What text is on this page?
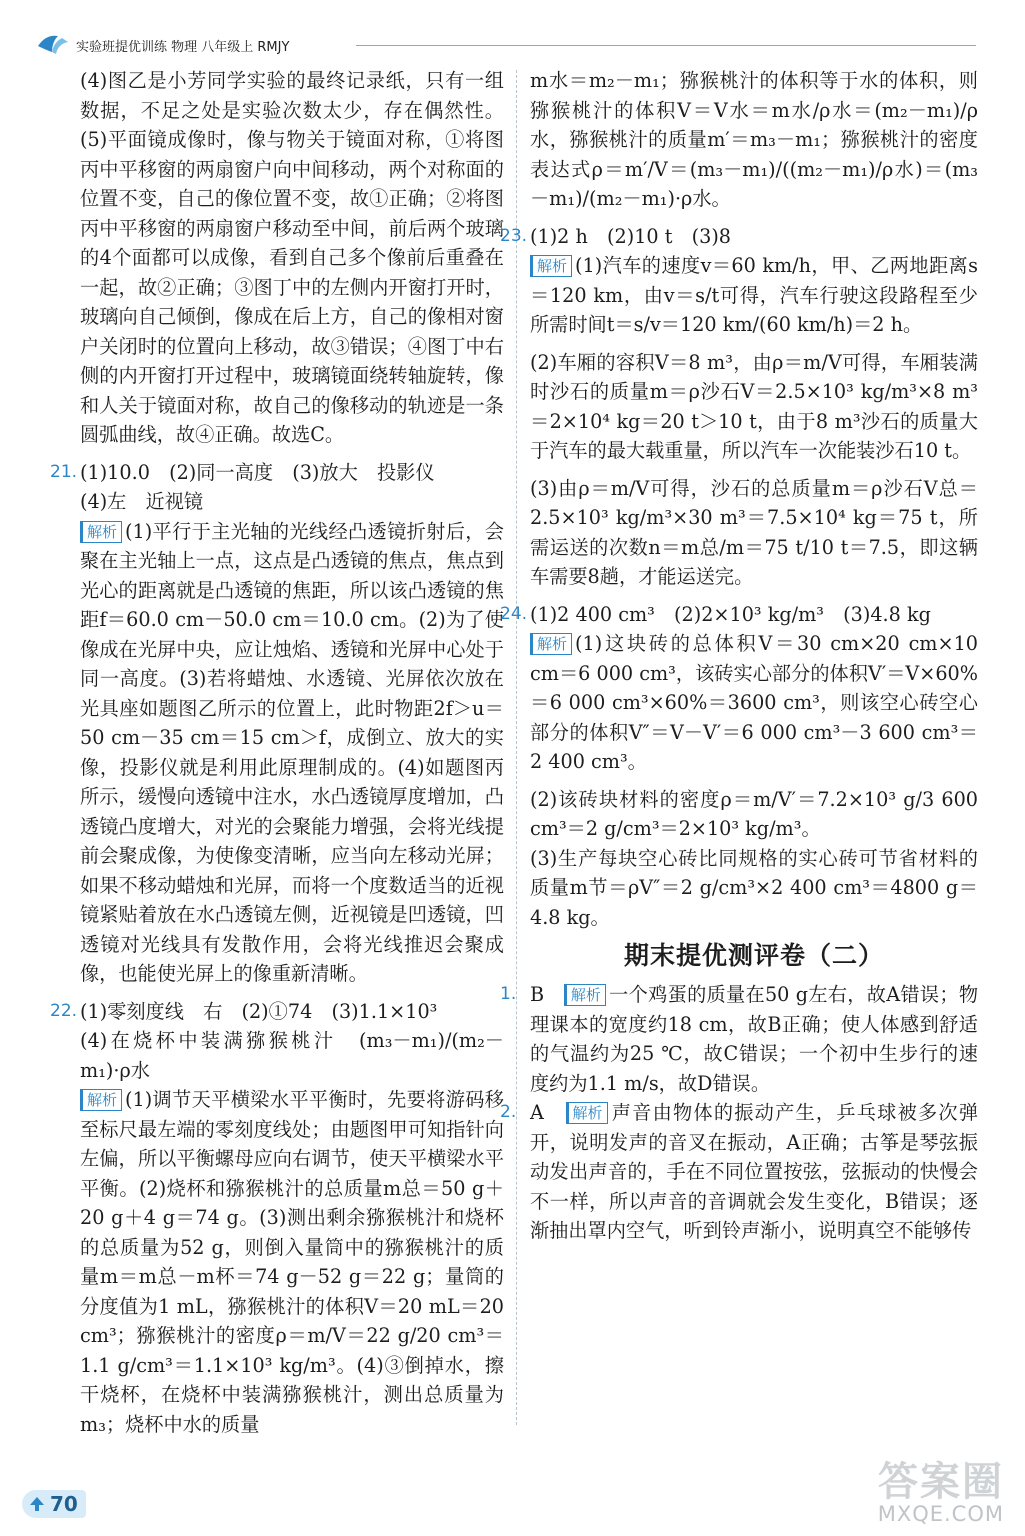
实验班提优训练 物理 八年级上 RMJY

(4)图乙是小芳同学实验的最终记录纸，只有一组数据，不足之处是实验次数太少，存在偶然性。(5)平面镜成像时，像与物关于镜面对称，①将图丙中平移窗的两扇窗户向中间移动，两个对称面的位置不变，自己的像位置不变，故①正确；②将图丙中平移窗的两扇窗户移动至中间，前后两个玻璃的4个面都可以成像，看到自己多个像前后重叠在一起，故②正确；③图丁中的左侧内开窗打开时，玻璃向自己倾倒，像成在后上方，自己的像相对窗户关闭时的位置向上移动，故③错误；④图丁中右侧的内开窗打开过程中，玻璃镜面绕转轴旋转，像和人关于镜面对称，故自己的像移动的轨迹是一条圆弧曲线，故④正确。故选C。

21. (1)10.0　(2)同一高度　(3)放大　投影仪

(4)左　近视镜

解析 (1)平行于主光轴的光线经凸透镜折射后，会聚在主光轴上一点，这点是凸透镜的焦点，焦点到光心的距离就是凸透镜的焦距，所以该凸透镜的焦距f＝60.0 cm－50.0 cm＝10.0 cm。(2)为了使像成在光屏中央，应让烛焰、透镜和光屏中心处于同一高度。(3)若将蜡烛、水透镜、光屏依次放在光具座如题图乙所示的位置上，此时物距2f＞u＝50 cm－35 cm＝15 cm＞f，成倒立、放大的实像，投影仪就是利用此原理制成的。(4)如题图丙所示，缓慢向透镜中注水，水凸透镜厚度增加，凸透镜凸度增大，对光的会聚能力增强，会将光线提前会聚成像，为使像变清晰，应当向左移动光屏；如果不移动蜡烛和光屏，而将一个度数适当的近视镜紧贴着放在水凸透镜左侧，近视镜是凹透镜，凹透镜对光线具有发散作用，会将光线推迟会聚成像，也能使光屏上的像重新清晰。

22. (1)零刻度线　右　(2)①74　(3)1.1×10³

(4)在烧杯中装满猕猴桃汁　(m₃－m₁)/(m₂－m₁)·ρ水

解析 (1)调节天平横梁水平平衡时，先要将游码移至标尺最左端的零刻度线处；由题图甲可知指针向左偏，所以平衡螺母应向右调节，使天平横梁水平平衡。(2)烧杯和猕猴桃汁的总质量m总＝50 g＋20 g＋4 g＝74 g。(3)测出剩余猕猴桃汁和烧杯的总质量为52 g，则倒入量筒中的猕猴桃汁的质量m＝m总－m杯＝74 g－52 g＝22 g；量筒的分度值为1 mL，猕猴桃汁的体积V＝20 mL＝20 cm³；猕猴桃汁的密度ρ＝m/V＝22 g/20 cm³＝1.1 g/cm³＝1.1×10³ kg/m³。(4)③倒掉水，擦干烧杯，在烧杯中装满猕猴桃汁，测出总质量为m₃；烧杯中水的质量

m水＝m₂－m₁；猕猴桃汁的体积等于水的体积，则猕猴桃汁的体积V＝V水＝m水/ρ水＝(m₂－m₁)/ρ水，猕猴桃汁的质量m′＝m₃－m₁；猕猴桃汁的密度表达式ρ＝m′/V＝(m₃－m₁)/((m₂－m₁)/ρ水)＝(m₃－m₁)/(m₂－m₁)·ρ水。

23. (1)2 h　(2)10 t　(3)8

解析 (1)汽车的速度v＝60 km/h，甲、乙两地距离s＝120 km，由v＝s/t可得，汽车行驶这段路程至少所需时间t＝s/v＝120 km/(60 km/h)＝2 h。

(2)车厢的容积V＝8 m³，由ρ＝m/V可得，车厢装满时沙石的质量m＝ρ沙石V＝2.5×10³ kg/m³×8 m³＝2×10⁴ kg＝20 t＞10 t，由于8 m³沙石的质量大于汽车的最大载重量，所以汽车一次能装沙石10 t。

(3)由ρ＝m/V可得，沙石的总质量m＝ρ沙石V总＝2.5×10³ kg/m³×30 m³＝7.5×10⁴ kg＝75 t，所需运送的次数n＝m总/m＝75 t/10 t＝7.5，即这辆车需要8趟，才能运送完。

24. (1)2 400 cm³　(2)2×10³ kg/m³　(3)4.8 kg

解析 (1)这块砖的总体积V＝30 cm×20 cm×10 cm＝6 000 cm³，该砖实心部分的体积V′＝V×60%＝6 000 cm³×60%＝3600 cm³，则该空心砖空心部分的体积V″＝V－V′＝6 000 cm³－3 600 cm³＝2 400 cm³。

(2)该砖块材料的密度ρ＝m/V′＝7.2×10³ g/3 600 cm³＝2 g/cm³＝2×10³ kg/m³。

(3)生产每块空心砖比同规格的实心砖可节省材料的质量m节＝ρV″＝2 g/cm³×2 400 cm³＝4800 g＝4.8 kg。

期末提优测评卷（二）
1. B　 解析 一个鸡蛋的质量在50 g左右，故A错误；物理课本的宽度约18 cm，故B正确；使人体感到舒适的气温约为25 ℃，故C错误；一个初中生步行的速度约为1.1 m/s，故D错误。

2. A　 解析 声音由物体的振动产生，乒乓球被多次弹开，说明发声的音叉在振动，A正确；古筝是琴弦振动发出声音的，手在不同位置按弦，弦振动的快慢会不一样，所以声音的音调就会发生变化，B错误；逐渐抽出罩内空气，听到铃声渐小，说明真空不能够传

70	答案圈
MXQE.COM
